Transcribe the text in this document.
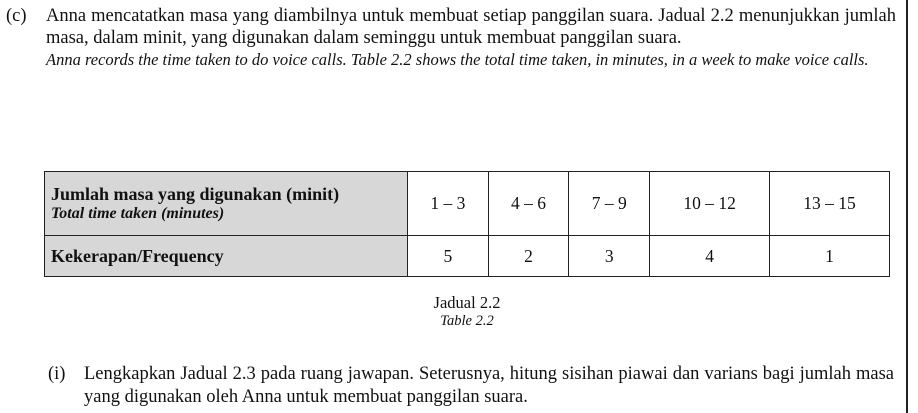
(c)	Anna mencatatkan masa yang diambilnya untuk membuat setiap panggilan suara. Jadual 2.2 menunjukkan jumlah masa, dalam minit, yang digunakan dalam seminggu untuk membuat panggilan suara.
Anna records the time taken to do voice calls. Table 2.2 shows the total time taken, in minutes, in a week to make voice calls.
Jumlah masa yang digunakan (minit)
Total time taken (minutes)	1 – 3	4 – 6	7 – 9	10 – 12	13 – 15
Kekerapan/Frequency	5	2	3	4	1
Jadual 2.2
Table 2.2
(i)	Lengkapkan Jadual 2.3 pada ruang jawapan. Seterusnya, hitung sisihan piawai dan varians bagi jumlah masa yang digunakan oleh Anna untuk membuat panggilan suara.
